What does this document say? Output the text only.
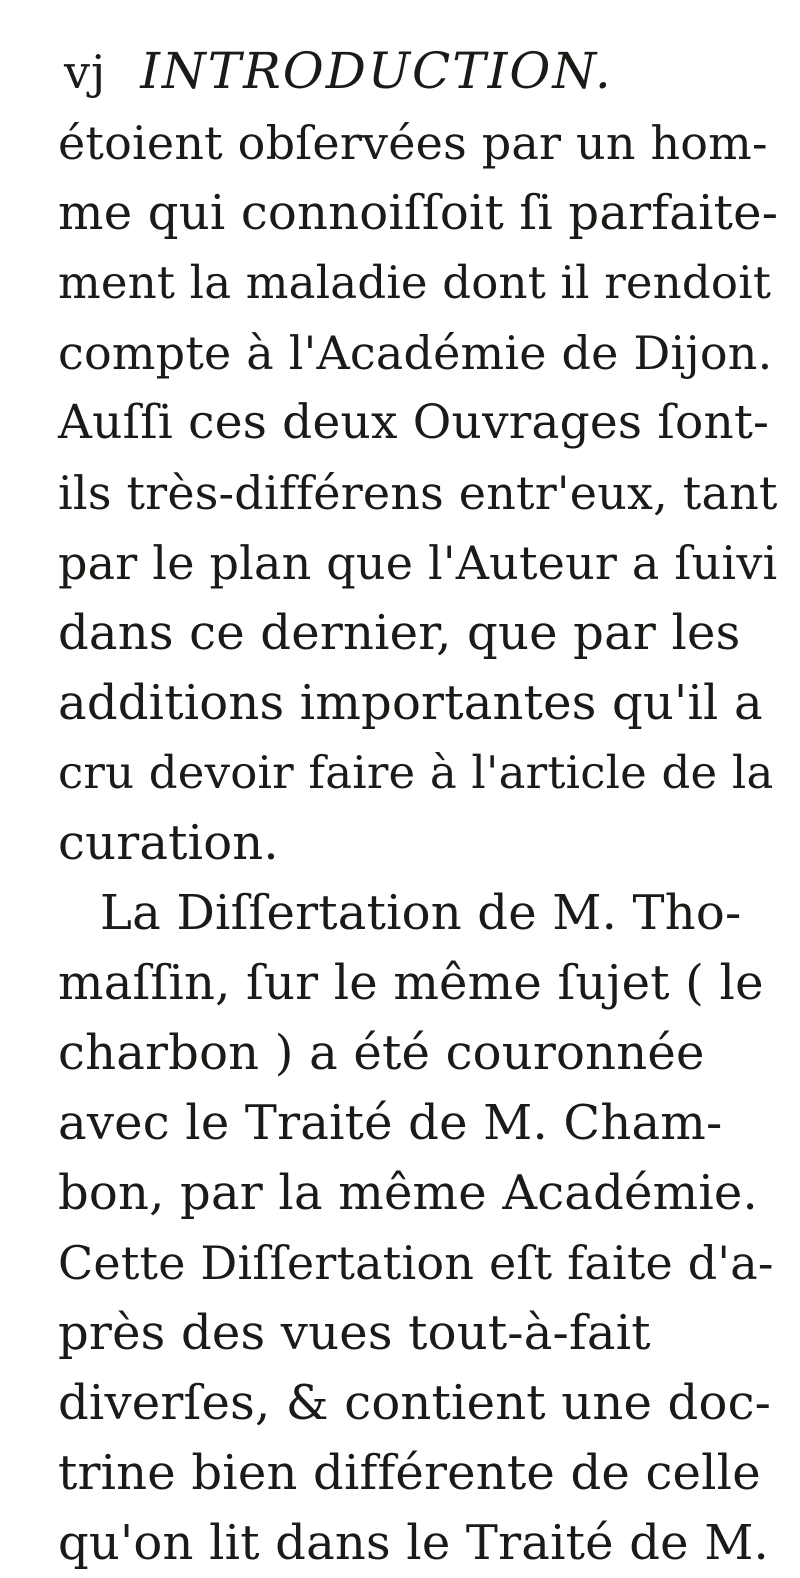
vj INTRODUCTION.
étoient obſervées par un hom-
me qui connoiſſoit ſi parfaite-
ment la maladie dont il rendoit
compte à l'Académie de Dijon.
Auſſi ces deux Ouvrages ſont-
ils très-différens entr'eux, tant
par le plan que l'Auteur a ſuivi
dans ce dernier, que par les
additions importantes qu'il a
cru devoir faire à l'article de la
curation.
La Diſſertation de M. Tho-
maſſin, ſur le même ſujet ( le
charbon ) a été couronnée
avec le Traité de M. Cham-
bon, par la même Académie.
Cette Diſſertation eſt faite d'a-
près des vues tout-à-fait
diverſes, & contient une doc-
trine bien différente de celle
qu'on lit dans le Traité de M.
